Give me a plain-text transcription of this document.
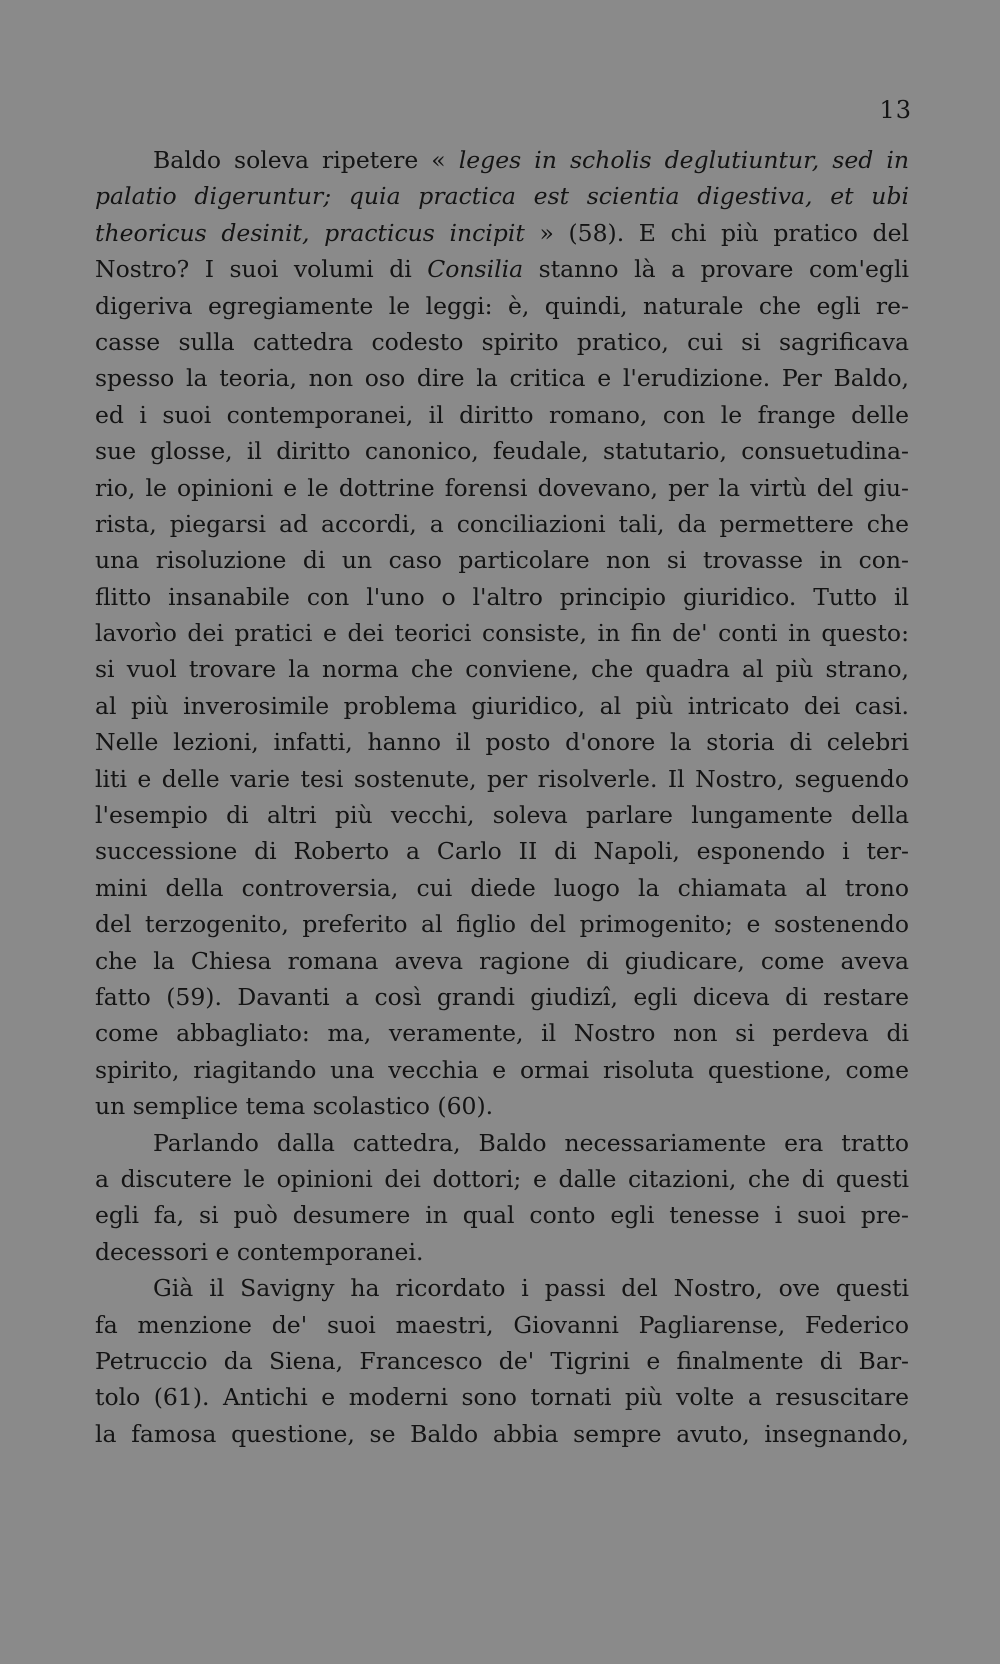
13
Baldo soleva ripetere « leges in scholis deglutiuntur, sed in
palatio digeruntur; quia practica est scientia digestiva, et ubi
theoricus desinit, practicus incipit » (58). E chi più pratico del
Nostro? I suoi volumi di Consilia stanno là a provare com'egli
digeriva egregiamente le leggi: è, quindi, naturale che egli re-
casse sulla cattedra codesto spirito pratico, cui si sagrificava
spesso la teoria, non oso dire la critica e l'erudizione. Per Baldo,
ed i suoi contemporanei, il diritto romano, con le frange delle
sue glosse, il diritto canonico, feudale, statutario, consuetudina-
rio, le opinioni e le dottrine forensi dovevano, per la virtù del giu-
rista, piegarsi ad accordi, a conciliazioni tali, da permettere che
una risoluzione di un caso particolare non si trovasse in con-
flitto insanabile con l'uno o l'altro principio giuridico. Tutto il
lavorìo dei pratici e dei teorici consiste, in fin de' conti in questo:
si vuol trovare la norma che conviene, che quadra al più strano,
al più inverosimile problema giuridico, al più intricato dei casi.
Nelle lezioni, infatti, hanno il posto d'onore la storia di celebri
liti e delle varie tesi sostenute, per risolverle. Il Nostro, seguendo
l'esempio di altri più vecchi, soleva parlare lungamente della
successione di Roberto a Carlo II di Napoli, esponendo i ter-
mini della controversia, cui diede luogo la chiamata al trono
del terzogenito, preferito al figlio del primogenito; e sostenendo
che la Chiesa romana aveva ragione di giudicare, come aveva
fatto (59). Davanti a così grandi giudizî, egli diceva di restare
come abbagliato: ma, veramente, il Nostro non si perdeva di
spirito, riagitando una vecchia e ormai risoluta questione, come
un semplice tema scolastico (60).
Parlando dalla cattedra, Baldo necessariamente era tratto
a discutere le opinioni dei dottori; e dalle citazioni, che di questi
egli fa, si può desumere in qual conto egli tenesse i suoi pre-
decessori e contemporanei.
Già il Savigny ha ricordato i passi del Nostro, ove questi
fa menzione de' suoi maestri, Giovanni Pagliarense, Federico
Petruccio da Siena, Francesco de' Tigrini e finalmente di Bar-
tolo (61). Antichi e moderni sono tornati più volte a resuscitare
la famosa questione, se Baldo abbia sempre avuto, insegnando,
